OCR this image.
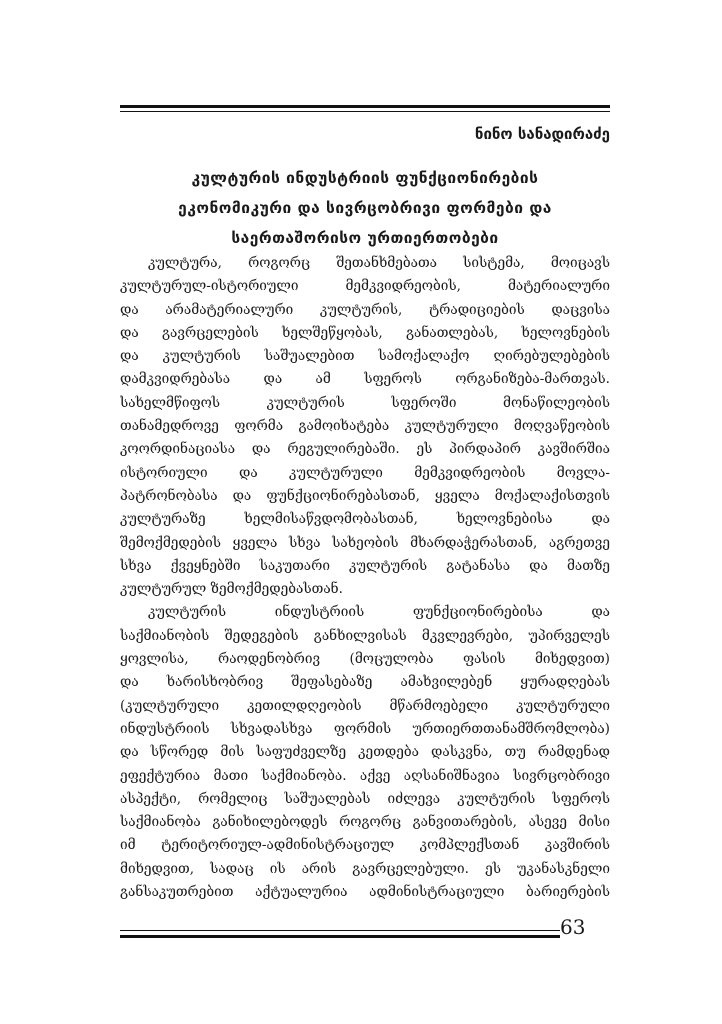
ნინო სანადირაძე
კულტურის ინდუსტრიის ფუნქციონირების
ეკონომიკური და სივრცობრივი ფორმები და
საერთაშორისო ურთიერთობები
კულტურა, როგორც შეთანხმებათა სისტემა, მოიცავს
კულტურულ-ისტორიული მემკვიდრეობის, მატერიალური
და არამატერიალური კულტურის, ტრადიციების დაცვისა
და გავრცელების ხელშეწყობას, განათლებას, ხელოვნების
და კულტურის საშუალებით სამოქალაქო ღირებულებების
დამკვიდრებასა და ამ სფეროს ორგანიზება-მართვას.
სახელმწიფოს კულტურის სფეროში მონაწილეობის
თანამედროვე ფორმა გამოიხატება კულტურული მოღვაწეობის
კოორდინაციასა და რეგულირებაში. ეს პირდაპირ კავშირშია
ისტორიული და კულტურული მემკვიდრეობის მოვლა-
პატრონობასა და ფუნქციონირებასთან, ყველა მოქალაქისთვის
კულტურაზე ხელმისაწვდომობასთან, ხელოვნებისა და
შემოქმედების ყველა სხვა სახეობის მხარდაჭერასთან, აგრეთვე
სხვა ქვეყნებში საკუთარი კულტურის გატანასა და მათზე
კულტურულ ზემოქმედებასთან.
კულტურის ინდუსტრიის ფუნქციონირებისა და
საქმიანობის შედეგების განხილვისას მკვლევრები, უპირველეს
ყოვლისა, რაოდენობრივ (მოცულობა ფასის მიხედვით)
და ხარისხობრივ შეფასებაზე ამახვილებენ ყურადღებას
(კულტურული კეთილდღეობის მწარმოებელი კულტურული
ინდუსტრიის სხვადასხვა ფორმის ურთიერთთანამშრომლობა)
და სწორედ მის საფუძველზე კეთდება დასკვნა, თუ რამდენად
ეფექტურია მათი საქმიანობა. აქვე აღსანიშნავია სივრცობრივი
ასპექტი, რომელიც საშუალებას იძლევა კულტურის სფეროს
საქმიანობა განიხილებოდეს როგორც განვითარების, ასევე მისი
იმ ტერიტორიულ-ადმინისტრაციულ კომპლექსთან კავშირის
მიხედვით, სადაც ის არის გავრცელებული. ეს უკანასკნელი
განსაკუთრებით აქტუალურია ადმინისტრაციული ბარიერების
63
